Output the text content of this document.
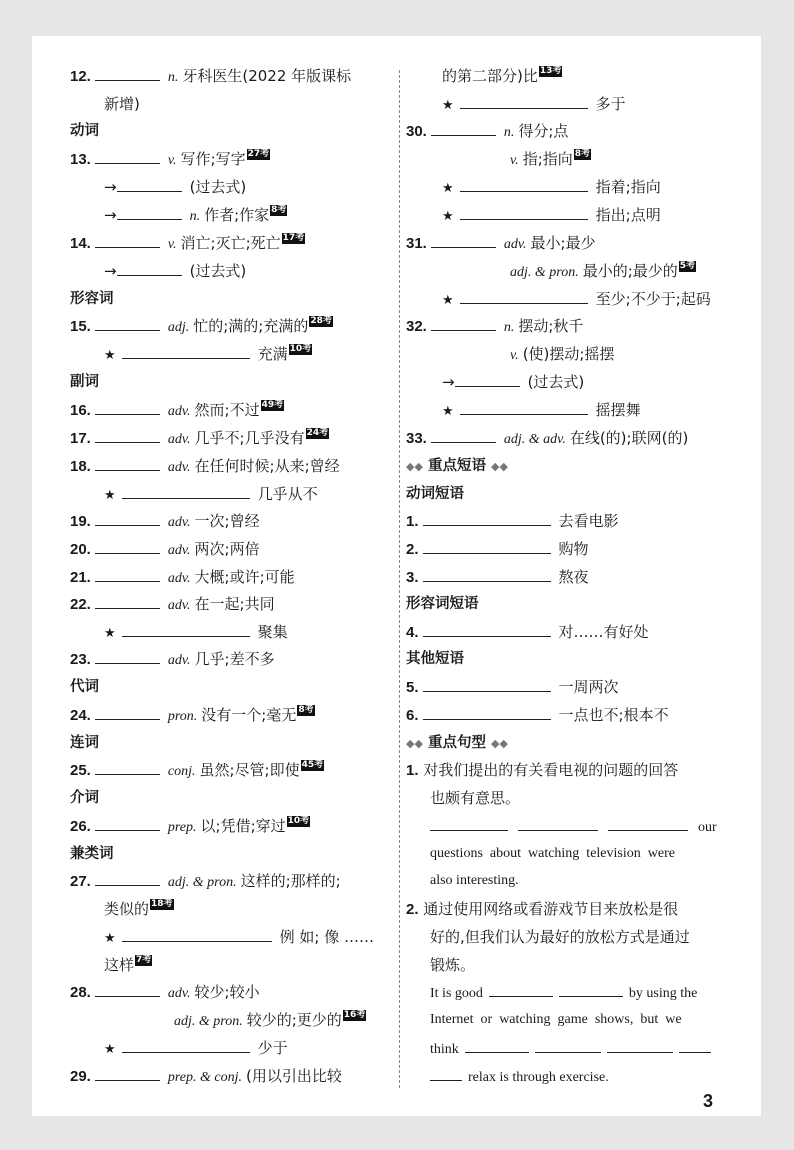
12.	n. 牙科医生(2022 年版课标
新增)
动词
13.	v. 写作;写字 27考
→	(过去式)
→	n. 作者;作家 8考
14.	v. 消亡;灭亡;死亡 17考
→	(过去式)
形容词
15.	adj. 忙的;满的;充满的 28考
★	充满 10考
副词
16.	adv. 然而;不过 49考
17.	adv. 几乎不;几乎没有 24考
18.	adv. 在任何时候;从来;曾经
★	几乎从不
19.	adv. 一次;曾经
20.	adv. 两次;两倍
21.	adv. 大概;或许;可能
22.	adv. 在一起;共同
★	聚集
23.	adv. 几乎;差不多
代词
24.	pron. 没有一个;毫无 8考
连词
25.	conj. 虽然;尽管;即使 45考
介词
26.	prep. 以;凭借;穿过 10考
兼类词
27.	adj. & pron. 这样的;那样的;
类似的 18考
★	例 如; 像 ……
这样 7考
28.	adv. 较少;较小
adj. & pron. 较少的;更少的 16考
★	少于
29.	prep. & conj. (用以引出比较
的第二部分)比 13考
★	多于
30.	n. 得分;点
v. 指;指向 8考
★	指着;指向
★	指出;点明
31.	adv. 最小;最少
adj. & pron. 最小的;最少的 5考
★	至少;不少于;起码
32.	n. 摆动;秋千
v. (使)摆动;摇摆
→	(过去式)
★	摇摆舞
33.	adj. & adv. 在线(的);联网(的)
◆◆ 重点短语 ◆◆
动词短语
1.	去看电影
2.	购物
3.	熬夜
形容词短语
4.	对……有好处
其他短语
5.	一周两次
6.	一点也不;根本不
◆◆ 重点句型 ◆◆
1. 对我们提出的有关看电视的问题的回答
也颇有意思。
our
questions  about  watching  television  were
also interesting.
2. 通过使用网络或看游戏节目来放松是很
好的,但我们认为最好的放松方式是通过
锻炼。
It is good	by using the
Internet  or  watching  game  shows,  but  we
think
relax is through exercise.
3
